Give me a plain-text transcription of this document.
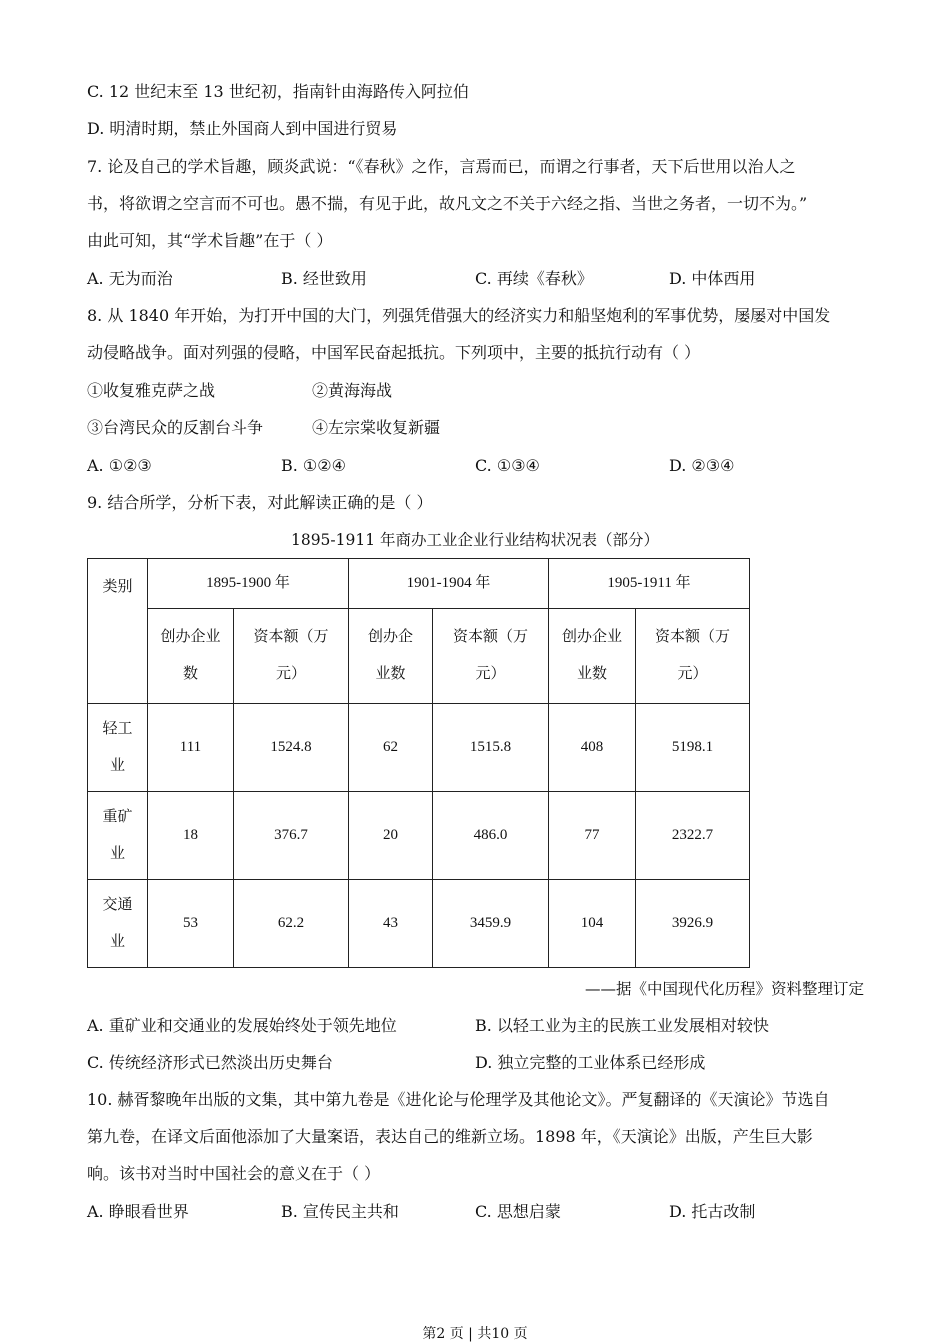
C. 12 世纪末至 13 世纪初，指南针由海路传入阿拉伯
D. 明清时期，禁止外国商人到中国进行贸易
7. 论及自己的学术旨趣，顾炎武说：“《春秋》之作，言焉而已，而谓之行事者，天下后世用以治人之
书，将欲谓之空言而不可也。愚不揣，有见于此，故凡文之不关于六经之指、当世之务者，一切不为。”
由此可知，其“学术旨趣”在于（ ）
A. 无为而治	B. 经世致用	C. 再续《春秋》	D. 中体西用
8. 从 1840 年开始，为打开中国的大门，列强凭借强大的经济实力和船坚炮利的军事优势，屡屡对中国发
动侵略战争。面对列强的侵略，中国军民奋起抵抗。下列项中，主要的抵抗行动有（ ）
①收复雅克萨之战	②黄海海战
③台湾民众的反割台斗争	④左宗棠收复新疆
A. ①②③	B. ①②④	C. ①③④	D. ②③④
9. 结合所学，分析下表，对此解读正确的是（ ）
1895-1911 年商办工业企业行业结构状况表（部分）
类别	1895-1900 年		1901-1904 年		1905-1911 年	
	创办企业数	资本额（万元）	创办企业数	资本额（万元）	创办企业业数	资本额（万元）
轻工业	111	1524.8	62	1515.8	408	5198.1
重矿业	18	376.7	20	486.0	77	2322.7
交通业	53	62.2	43	3459.9	104	3926.9
——据《中国现代化历程》资料整理订定
A. 重矿业和交通业的发展始终处于领先地位	B. 以轻工业为主的民族工业发展相对较快
C. 传统经济形式已然淡出历史舞台	D. 独立完整的工业体系已经形成
10. 赫胥黎晚年出版的文集，其中第九卷是《进化论与伦理学及其他论文》。严复翻译的《天演论》节选自
第九卷，在译文后面他添加了大量案语，表达自己的维新立场。1898 年，《天演论》出版，产生巨大影
响。该书对当时中国社会的意义在于（ ）
A. 睁眼看世界	B. 宣传民主共和	C. 思想启蒙	D. 托古改制
第2 页 | 共10 页
